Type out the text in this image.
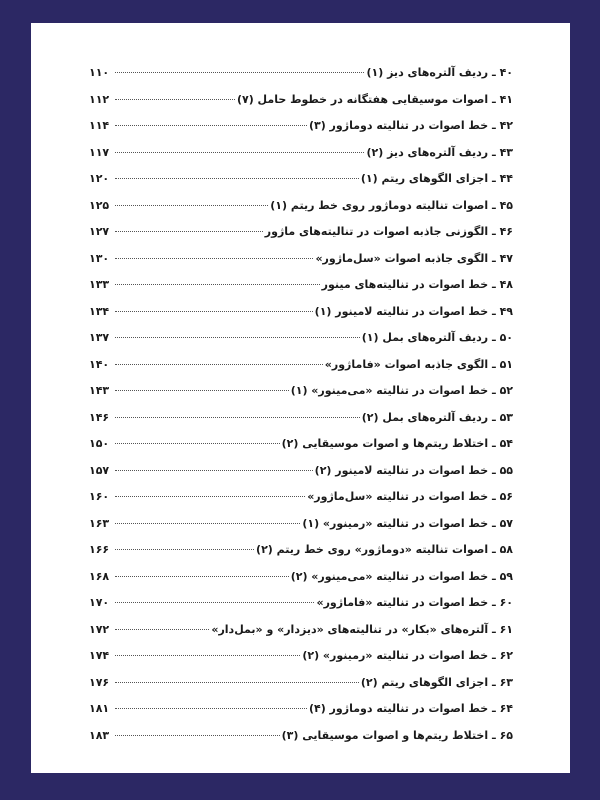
۴۰ ـ ردیف آلترەهای دیز (۱)
۱۱۰
۴۱ ـ اصوات موسیقایی هفتگانه در خطوط حامل (۷)
۱۱۲
۴۲ ـ خط اصوات در تنالیته دوماژور (۳)
۱۱۴
۴۳ ـ ردیف آلترەهای دیز (۲)
۱۱۷
۴۴ ـ اجزای الگوهای ریتم (۱)
۱۲۰
۴۵ ـ اصوات تنالیته دوماژور روی خط ریتم (۱)
۱۲۵
۴۶ ـ الگوزنی جاذبه اصوات در تنالیتەهای ماژور
۱۲۷
۴۷ ـ الگوی جاذبه اصوات «سل‌ماژور»
۱۳۰
۴۸ ـ خط اصوات در تنالیتەهای مینور
۱۳۳
۴۹ ـ خط اصوات در تنالیته لامینور (۱)
۱۳۴
۵۰ ـ ردیف آلترەهای بمل (۱)
۱۳۷
۵۱ ـ الگوی جاذبه اصوات «فاماژور»
۱۴۰
۵۲ ـ خط اصوات در تنالیته «می‌مینور» (۱)
۱۴۳
۵۳ ـ ردیف آلترەهای بمل (۲)
۱۴۶
۵۴ ـ اختلاط ریتم‌ها و اصوات موسیقایی (۲)
۱۵۰
۵۵ ـ خط اصوات در تنالیته لامینور (۲)
۱۵۷
۵۶ ـ خط اصوات در تنالیته «سل‌ماژور»
۱۶۰
۵۷ ـ خط اصوات در تنالیته «رمینور» (۱)
۱۶۳
۵۸ ـ اصوات تنالیته «دوماژور» روی خط ریتم (۲)
۱۶۶
۵۹ ـ خط اصوات در تنالیته «می‌مینور» (۲)
۱۶۸
۶۰ ـ خط اصوات در تنالیته «فاماژور»
۱۷۰
۶۱ ـ آلترەهای «بکار» در تنالیتەهای «دیزدار» و «بمل‌دار»
۱۷۲
۶۲ ـ خط اصوات در تنالیته «رمینور» (۲)
۱۷۴
۶۳ ـ اجزای الگوهای ریتم (۲)
۱۷۶
۶۴ ـ خط اصوات در تنالیته دوماژور (۴)
۱۸۱
۶۵ ـ اختلاط ریتم‌ها و اصوات موسیقایی (۳)
۱۸۳
